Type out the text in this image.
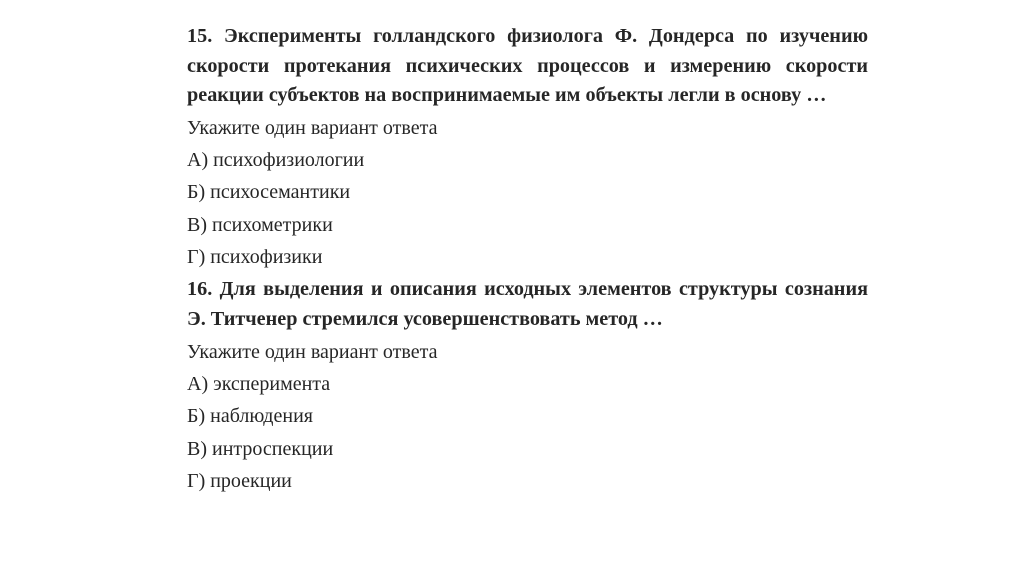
15. Эксперименты голландского физиолога Ф. Дондерса по изучению скорости протекания психических процессов и измерению скорости реакции субъектов на воспринимаемые им объекты легли в основу …

Укажите один вариант ответа

А) психофизиологии

Б) психосемантики

В) психометрики

Г) психофизики

16. Для выделения и описания исходных элементов структуры сознания Э. Титченер стремился усовершенствовать метод …

Укажите один вариант ответа

А) эксперимента

Б) наблюдения

В) интроспекции

Г) проекции
